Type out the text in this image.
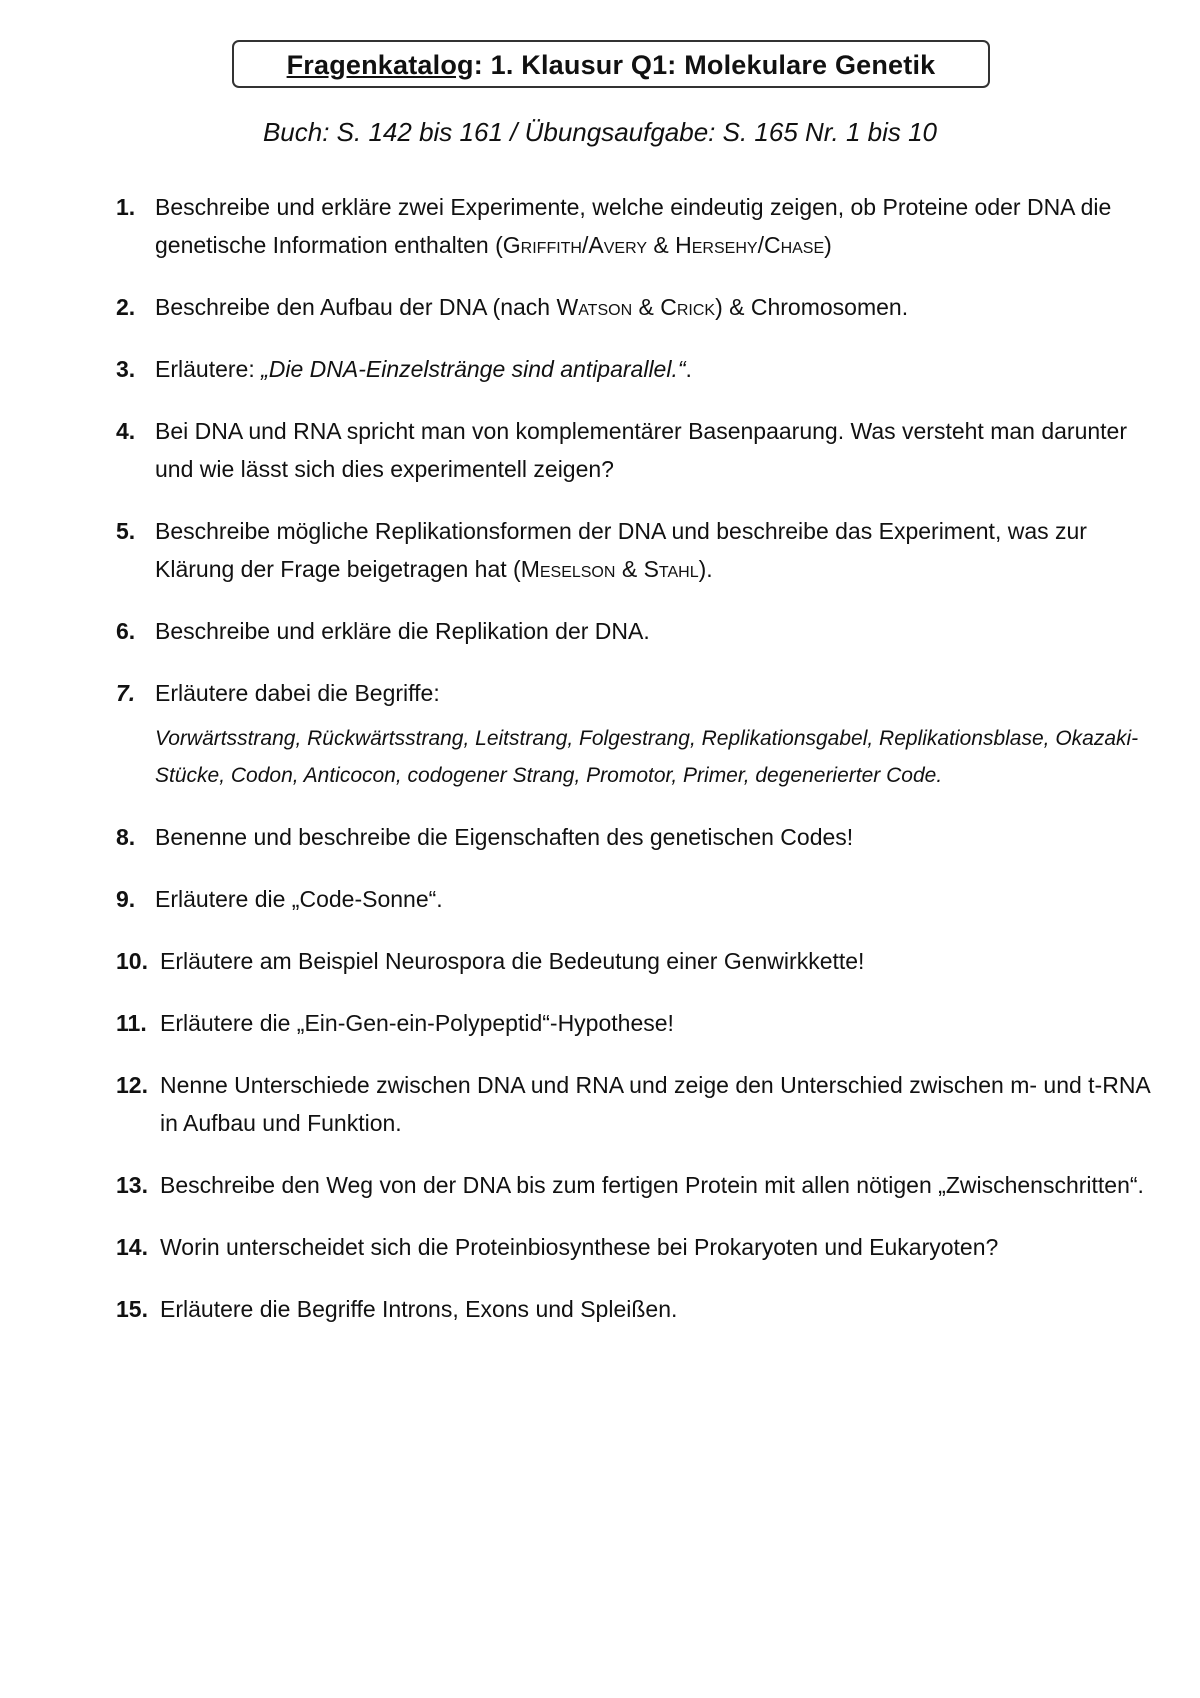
Fragenkatalog: 1. Klausur Q1: Molekulare Genetik
Buch: S. 142 bis 161 / Übungsaufgabe: S. 165 Nr. 1 bis 10
1. Beschreibe und erkläre zwei Experimente, welche eindeutig zeigen, ob Proteine oder DNA die genetische Information enthalten (Griffith/Avery & Hersehy/Chase)
2. Beschreibe den Aufbau der DNA (nach Watson & Crick) & Chromosomen.
3. Erläutere: „Die DNA-Einzelstränge sind antiparallel.“.
4. Bei DNA und RNA spricht man von komplementärer Basenpaarung. Was versteht man darunter und wie lässt sich dies experimentell zeigen?
5. Beschreibe mögliche Replikationsformen der DNA und beschreibe das Experiment, was zur Klärung der Frage beigetragen hat (Meselson & Stahl).
6. Beschreibe und erkläre die Replikation der DNA.
7. Erläutere dabei die Begriffe:
Vorwärtsstrang, Rückwärtsstrang, Leitstrang, Folgestrang, Replikationsgabel, Replikationsblase, Okazaki-Stücke, Codon, Anticocon, codogener Strang, Promotor, Primer, degenerierter Code.
8. Benenne und beschreibe die Eigenschaften des genetischen Codes!
9. Erläutere die „Code-Sonne“.
10. Erläutere am Beispiel Neurospora die Bedeutung einer Genwirkkette!
11. Erläutere die „Ein-Gen-ein-Polypeptid“-Hypothese!
12. Nenne Unterschiede zwischen DNA und RNA und zeige den Unterschied zwischen m- und t-RNA in Aufbau und Funktion.
13. Beschreibe den Weg von der DNA bis zum fertigen Protein mit allen nötigen „Zwischenschritten“.
14. Worin unterscheidet sich die Proteinbiosynthese bei Prokaryoten und Eukaryoten?
15. Erläutere die Begriffe Introns, Exons und Spleißen.
